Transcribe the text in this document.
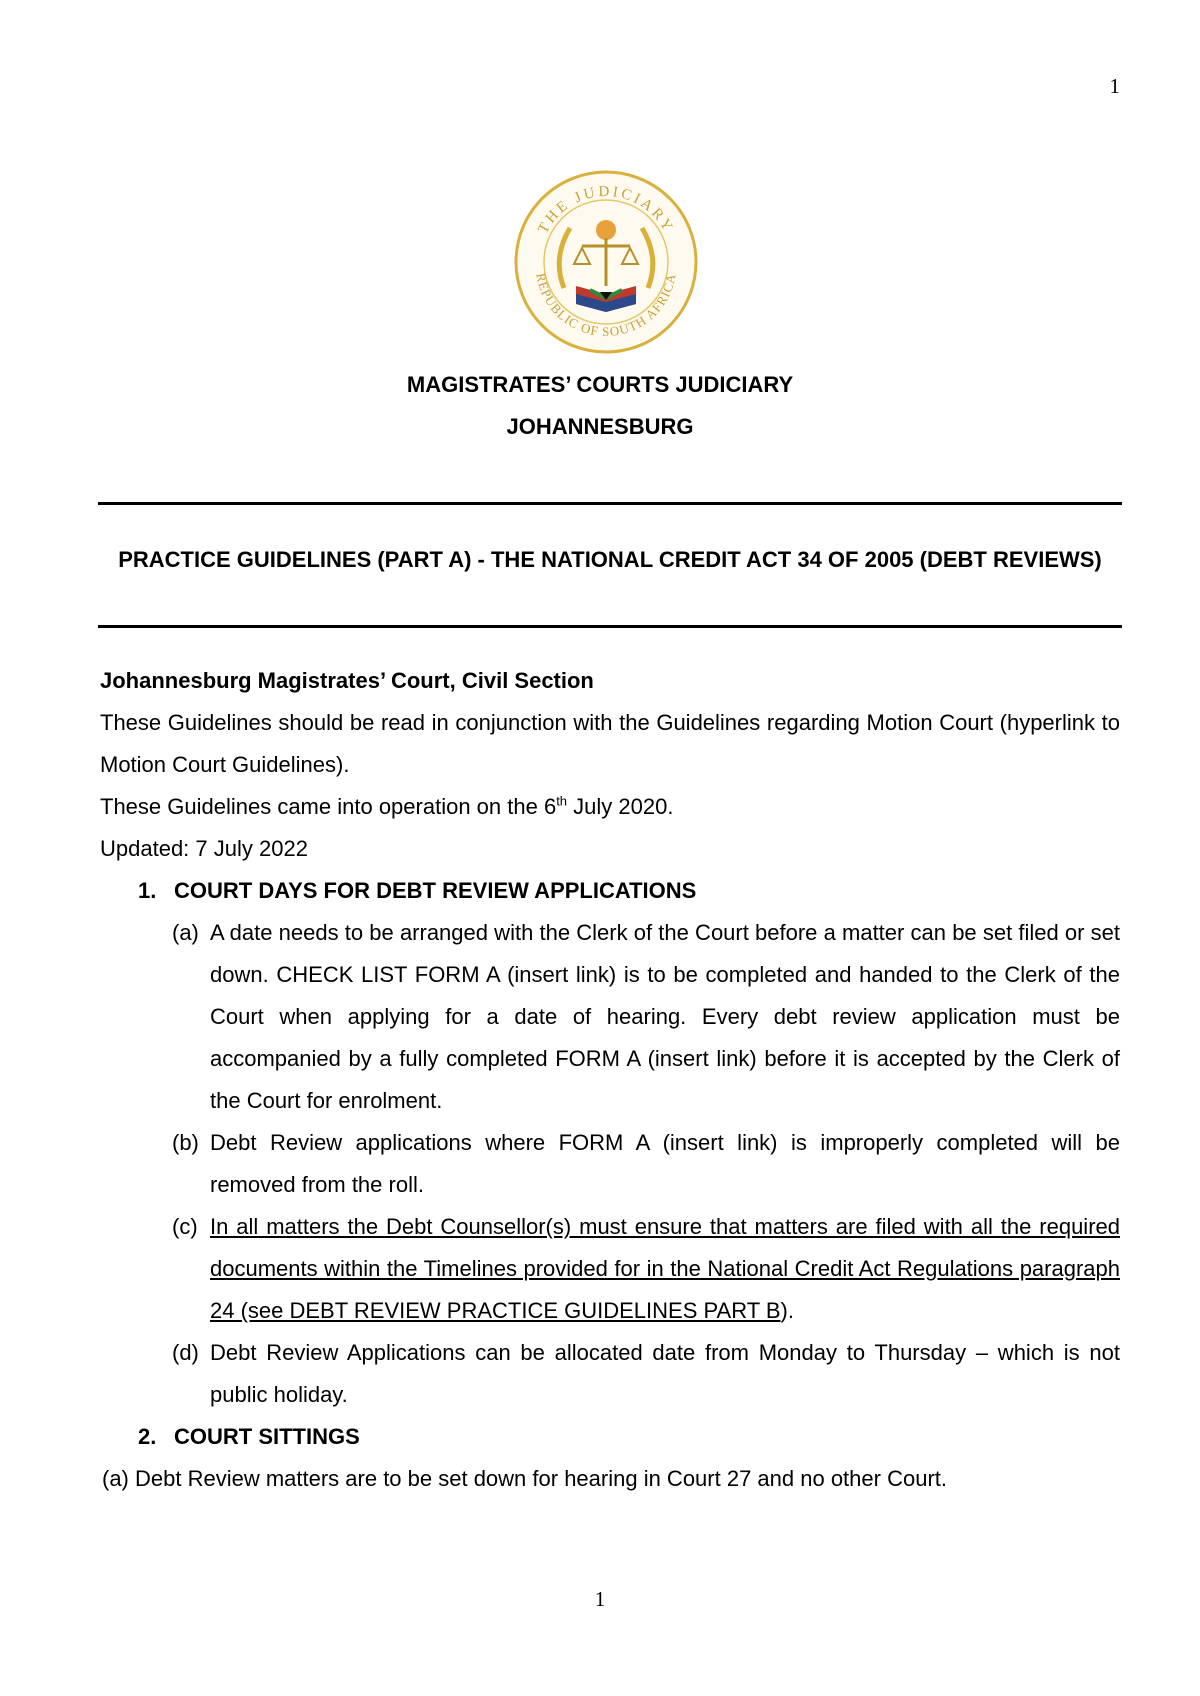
1
THE JUDICIARY
REPUBLIC OF SOUTH AFRICA
MAGISTRATES’ COURTS JUDICIARY
JOHANNESBURG
PRACTICE GUIDELINES (PART A) - THE NATIONAL CREDIT ACT 34 OF 2005 (DEBT REVIEWS)

Johannesburg Magistrates’ Court, Civil Section

These Guidelines should be read in conjunction with the Guidelines regarding Motion Court (hyperlink to Motion Court Guidelines).

These Guidelines came into operation on the 6th July 2020.

Updated: 7 July 2022

1. COURT DAYS FOR DEBT REVIEW APPLICATIONS

(a) A date needs to be arranged with the Clerk of the Court before a matter can be set filed or set down. CHECK LIST FORM A (insert link) is to be completed and handed to the Clerk of the Court when applying for a date of hearing. Every debt review application must be accompanied by a fully completed FORM A (insert link) before it is accepted by the Clerk of the Court for enrolment.

(b) Debt Review applications where FORM A (insert link) is improperly completed will be removed from the roll.

(c) In all matters the Debt Counsellor(s) must ensure that matters are filed with all the required documents within the Timelines provided for in the National Credit Act Regulations paragraph 24 (see DEBT REVIEW PRACTICE GUIDELINES PART B).

(d) Debt Review Applications can be allocated date from Monday to Thursday – which is not public holiday.

2. COURT SITTINGS

(a) Debt Review matters are to be set down for hearing in Court 27 and no other Court.

1
